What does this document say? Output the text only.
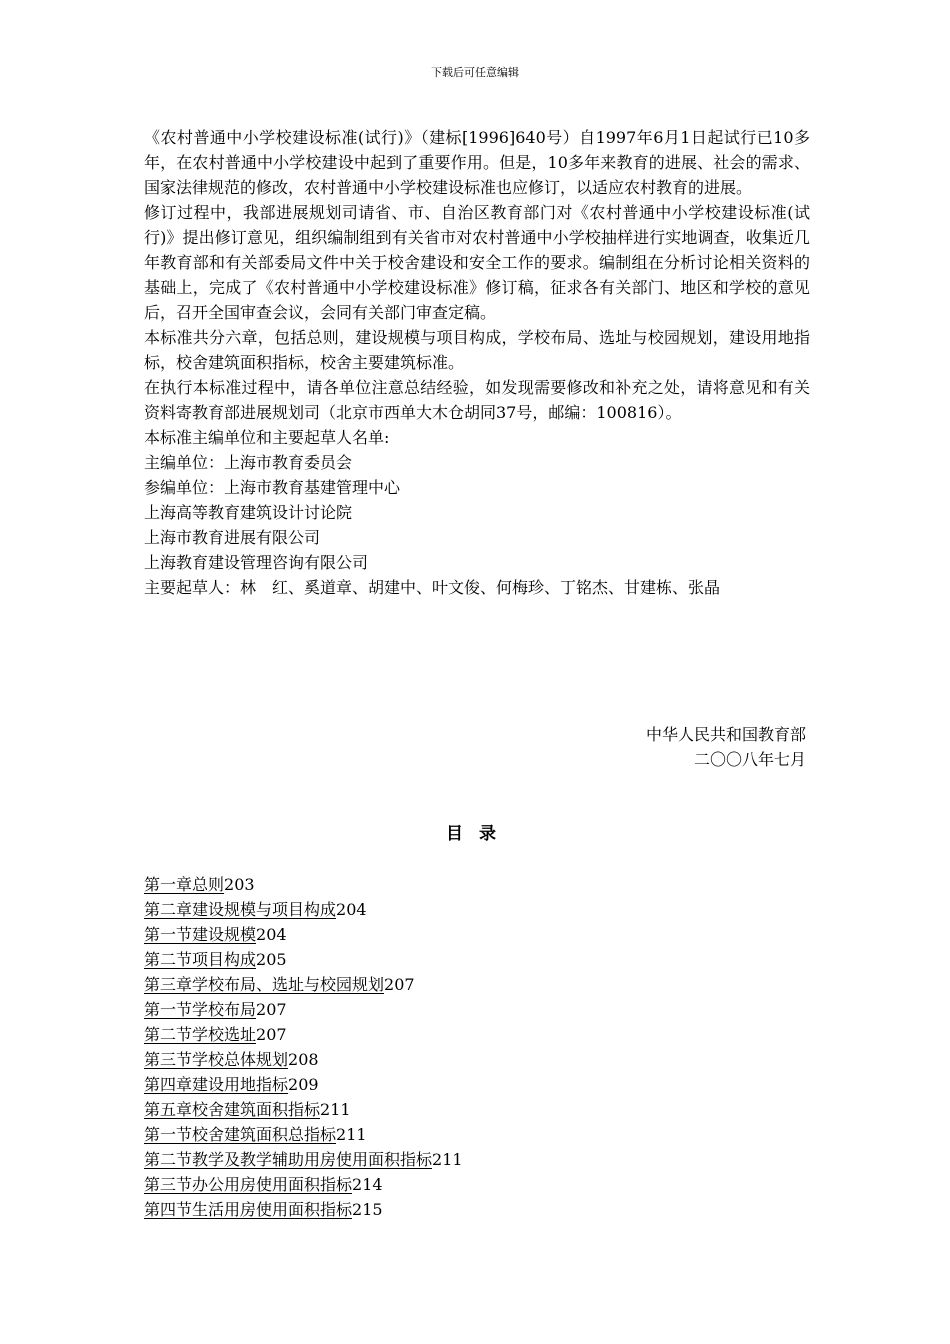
下载后可任意编辑

《农村普通中小学校建设标准(试行)》（建标[1996]640号）自1997年6月1日起试行已10多年，在农村普通中小学校建设中起到了重要作用。但是，10多年来教育的进展、社会的需求、国家法律规范的修改，农村普通中小学校建设标准也应修订，以适应农村教育的进展。

修订过程中，我部进展规划司请省、市、自治区教育部门对《农村普通中小学校建设标准(试行)》提出修订意见，组织编制组到有关省市对农村普通中小学校抽样进行实地调查，收集近几年教育部和有关部委局文件中关于校舍建设和安全工作的要求。编制组在分析讨论相关资料的基础上，完成了《农村普通中小学校建设标准》修订稿，征求各有关部门、地区和学校的意见后，召开全国审查会议，会同有关部门审查定稿。

本标准共分六章，包括总则，建设规模与项目构成，学校布局、选址与校园规划，建设用地指标，校舍建筑面积指标，校舍主要建筑标准。

在执行本标准过程中，请各单位注意总结经验，如发现需要修改和补充之处，请将意见和有关资料寄教育部进展规划司（北京市西单大木仓胡同37号，邮编：100816）。

本标准主编单位和主要起草人名单:

主编单位：上海市教育委员会

参编单位：上海市教育基建管理中心

上海高等教育建筑设计讨论院

上海市教育进展有限公司

上海教育建设管理咨询有限公司

主要起草人：林　红、奚道章、胡建中、叶文俊、何梅珍、丁铭杰、甘建栋、张晶

中华人民共和国教育部
二〇〇八年七月
目录
第一章总则203
第二章建设规模与项目构成204
第一节建设规模204
第二节项目构成205
第三章学校布局、选址与校园规划207
第一节学校布局207
第二节学校选址207
第三节学校总体规划208
第四章建设用地指标209
第五章校舍建筑面积指标211
第一节校舍建筑面积总指标211
第二节教学及教学辅助用房使用面积指标211
第三节办公用房使用面积指标214
第四节生活用房使用面积指标215
